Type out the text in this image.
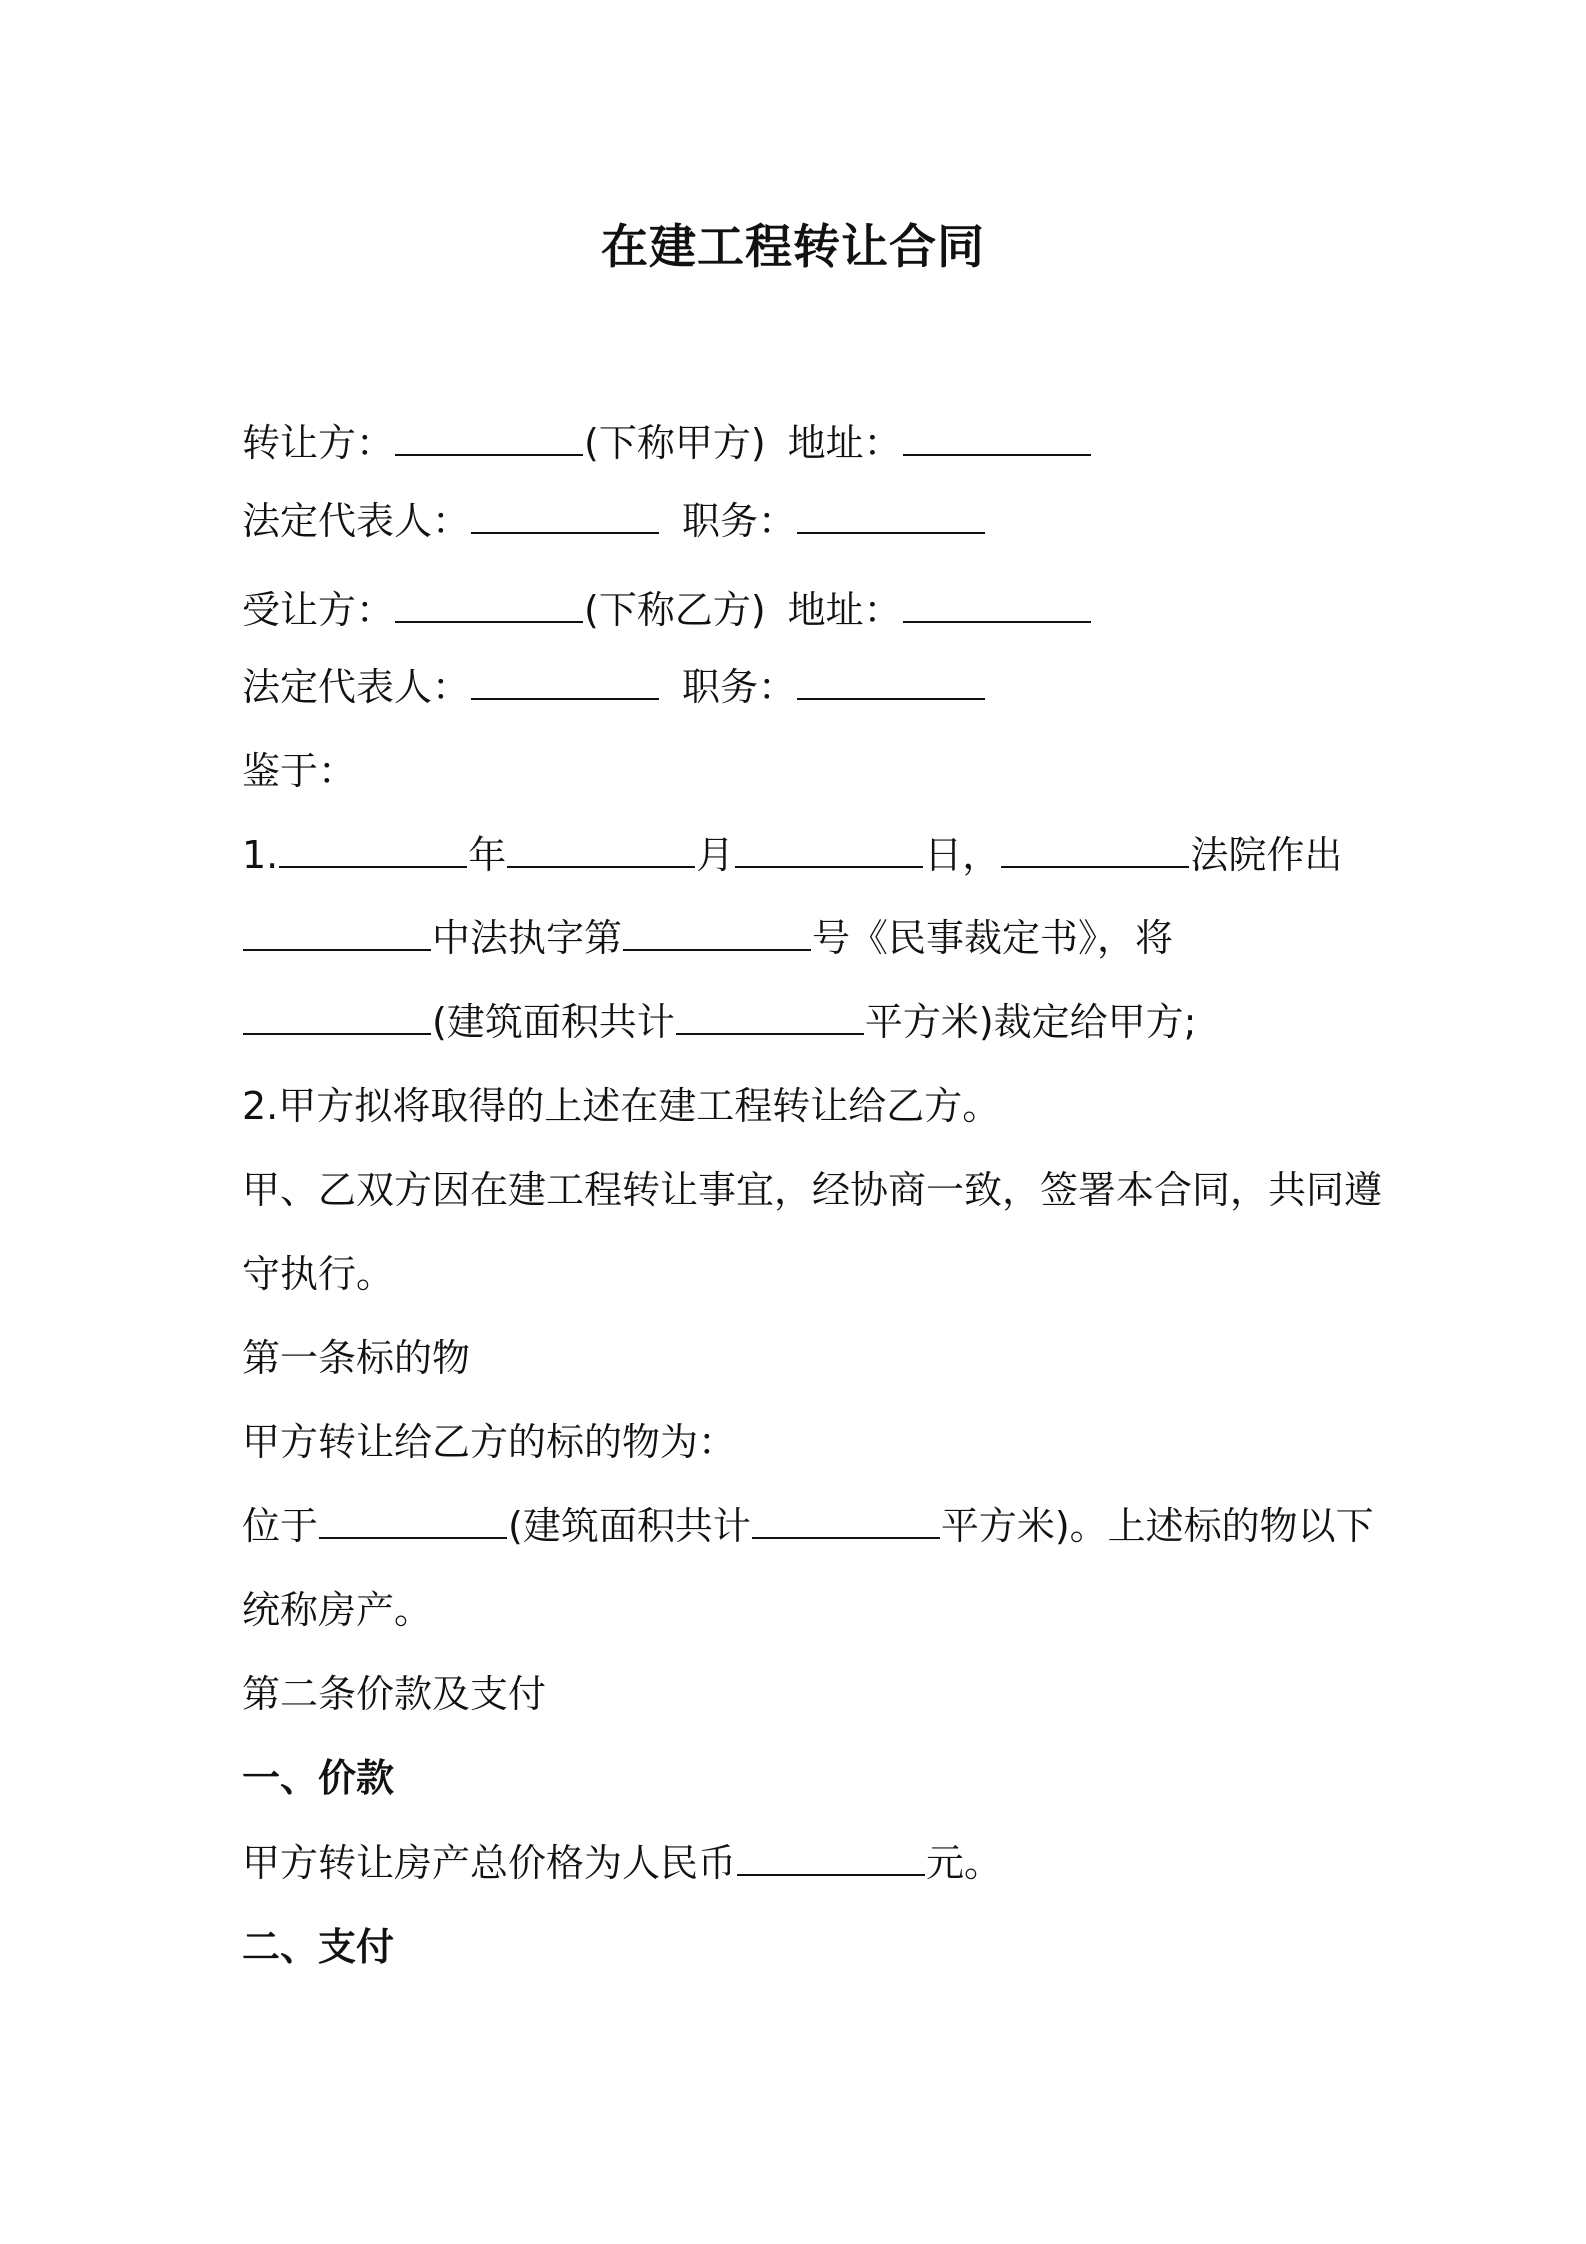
在建工程转让合同
转让方：	(下称甲方) 地址：
法定代表人：	职务：
受让方：	(下称乙方) 地址：
法定代表人：	职务：
鉴于：
1.	年	月	日，	法院作出
中法执字第	号《民事裁定书》，将
(建筑面积共计	平方米)裁定给甲方;
2.甲方拟将取得的上述在建工程转让给乙方。
甲、乙双方因在建工程转让事宜，经协商一致，签署本合同，共同遵
守执行。
第一条标的物
甲方转让给乙方的标的物为：
位于	(建筑面积共计	平方米)。上述标的物以下
统称房产。
第二条价款及支付
一、价款
甲方转让房产总价格为人民币	元。
二、支付
